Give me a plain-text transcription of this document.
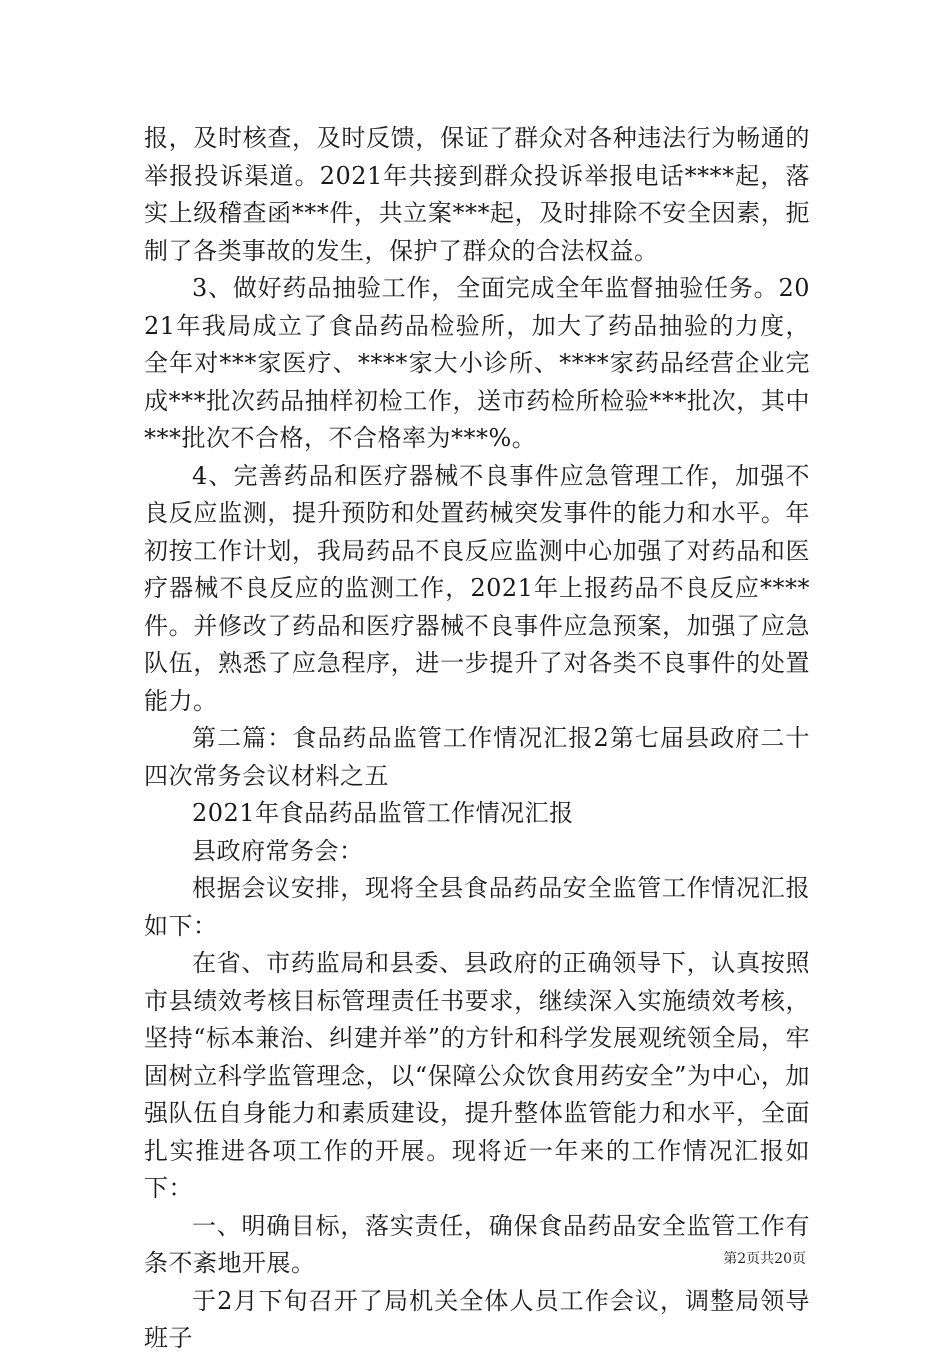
报，及时核查，及时反馈，保证了群众对各种违法行为畅通的举报投诉渠道。2021年共接到群众投诉举报电话****起，落实上级稽查函***件，共立案***起，及时排除不安全因素，扼制了各类事故的发生，保护了群众的合法权益。

3、做好药品抽验工作，全面完成全年监督抽验任务。2021年我局成立了食品药品检验所，加大了药品抽验的力度，全年对***家医疗、****家大小诊所、****家药品经营企业完成***批次药品抽样初检工作，送市药检所检验***批次，其中***批次不合格，不合格率为***%。

4、完善药品和医疗器械不良事件应急管理工作，加强不良反应监测，提升预防和处置药械突发事件的能力和水平。年初按工作计划，我局药品不良反应监测中心加强了对药品和医疗器械不良反应的监测工作，2021年上报药品不良反应****件。并修改了药品和医疗器械不良事件应急预案，加强了应急队伍，熟悉了应急程序，进一步提升了对各类不良事件的处置能力。

第二篇：食品药品监管工作情况汇报2第七届县政府二十四次常务会议材料之五

2021年食品药品监管工作情况汇报

县政府常务会：

根据会议安排，现将全县食品药品安全监管工作情况汇报如下：

在省、市药监局和县委、县政府的正确领导下，认真按照市县绩效考核目标管理责任书要求，继续深入实施绩效考核，坚持“标本兼治、纠建并举”的方针和科学发展观统领全局，牢固树立科学监管理念，以“保障公众饮食用药安全”为中心，加强队伍自身能力和素质建设，提升整体监管能力和水平，全面扎实推进各项工作的开展。现将近一年来的工作情况汇报如下：

一、明确目标，落实责任，确保食品药品安全监管工作有条不紊地开展。

于2月下旬召开了局机关全体人员工作会议，调整局领导班子

第2页共20页
